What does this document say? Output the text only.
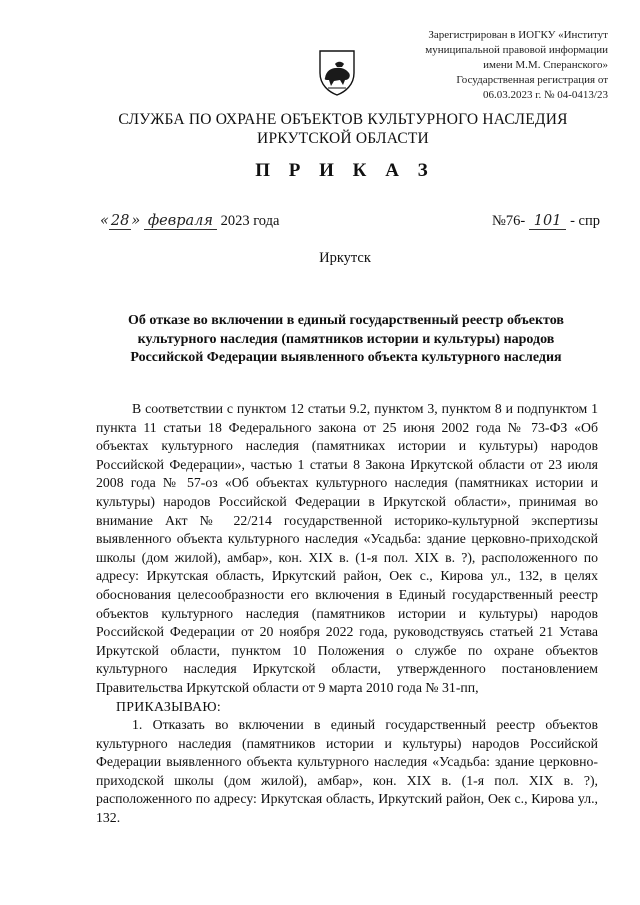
Зарегистрирован в ИОГКУ «Институт
муниципальной правовой информации
имени М.М. Сперанского»
Государственная регистрация от
06.03.2023 г. № 04-0413/23
СЛУЖБА ПО ОХРАНЕ ОБЪЕКТОВ КУЛЬТУРНОГО НАСЛЕДИЯ
ИРКУТСКОЙ ОБЛАСТИ
П Р И К А З
« 28 » февраля 2023 года	№76- 101 - спр
Иркутск
Об отказе во включении в единый государственный реестр объектов
культурного наследия (памятников истории и культуры) народов
Российской Федерации выявленного объекта культурного наследия

В соответствии с пунктом 12 статьи 9.2, пунктом 3, пунктом 8 и подпунктом 1 пункта 11 статьи 18 Федерального закона от 25 июня 2002 года № 73-ФЗ «Об объектах культурного наследия (памятниках истории и культуры) народов Российской Федерации», частью 1 статьи 8 Закона Иркутской области от 23 июля 2008 года № 57-оз «Об объектах культурного наследия (памятниках истории и культуры) народов Российской Федерации в Иркутской области», принимая во внимание Акт № 22/214 государственной историко-культурной экспертизы выявленного объекта культурного наследия «Усадьба: здание церковно-приходской школы (дом жилой), амбар», кон. XIX в. (1-я пол. XIX в. ?), расположенного по адресу: Иркутская область, Иркутский район, Оек с., Кирова ул., 132, в целях обоснования целесообразности его включения в Единый государственный реестр объектов культурного наследия (памятников истории и культуры) народов Российской Федерации от 20 ноября 2022 года, руководствуясь статьей 21 Устава Иркутской области, пунктом 10 Положения о службе по охране объектов культурного наследия Иркутской области, утвержденного постановлением Правительства Иркутской области от 9 марта 2010 года № 31-пп,

ПРИКАЗЫВАЮ:

1. Отказать во включении в единый государственный реестр объектов культурного наследия (памятников истории и культуры) народов Российской Федерации выявленного объекта культурного наследия «Усадьба: здание церковно-приходской школы (дом жилой), амбар», кон. XIX в. (1-я пол. XIX в. ?), расположенного по адресу: Иркутская область, Иркутский район, Оек с., Кирова ул., 132.
